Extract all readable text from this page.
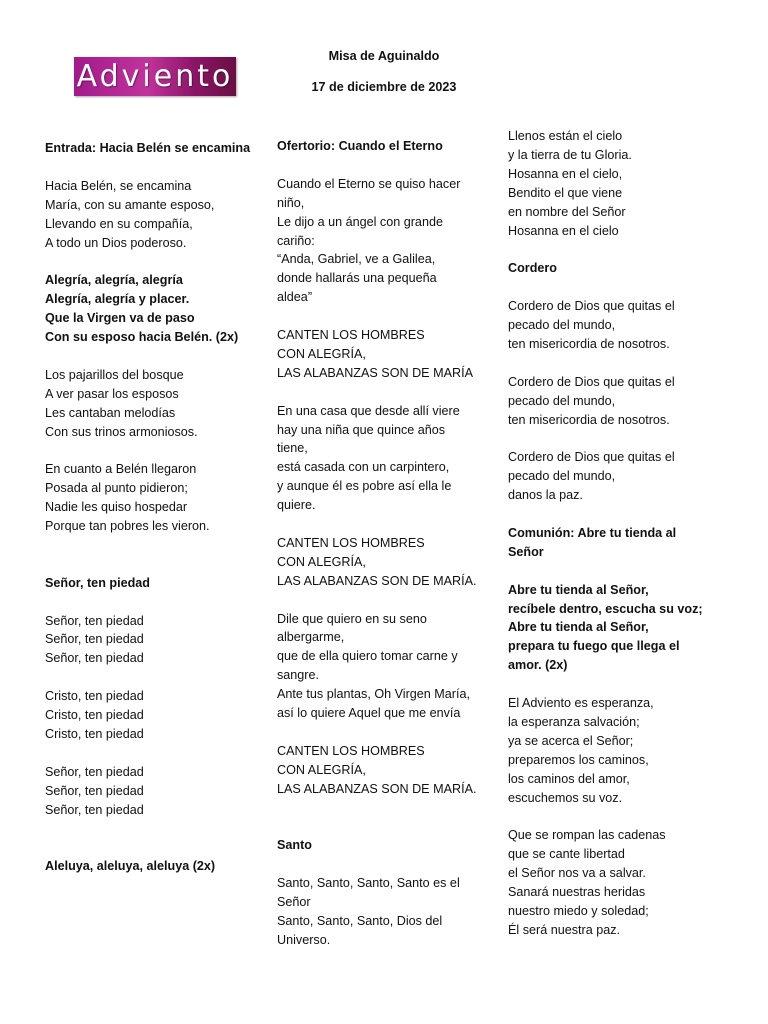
Adviento
Misa de Aguinaldo
17 de diciembre de 2023

Entrada: Hacia Belén se encamina

Hacia Belén, se encamina

María, con su amante esposo,

Llevando en su compañía,

A todo un Dios poderoso.

Alegría, alegría, alegría

Alegría, alegría y placer.

Que la Virgen va de paso

Con su esposo hacia Belén. (2x)

Los pajarillos del bosque

A ver pasar los esposos

Les cantaban melodías

Con sus trinos armoniosos.

En cuanto a Belén llegaron

Posada al punto pidieron;

Nadie les quiso hospedar

Porque tan pobres les vieron.

Señor, ten piedad

Señor, ten piedad

Señor, ten piedad

Señor, ten piedad

Cristo, ten piedad

Cristo, ten piedad

Cristo, ten piedad

Señor, ten piedad

Señor, ten piedad

Señor, ten piedad

Aleluya, aleluya, aleluya (2x)

Ofertorio: Cuando el Eterno

Cuando el Eterno se quiso hacer

niño,

Le dijo a un ángel con grande

cariño:

“Anda, Gabriel, ve a Galilea,

donde hallarás una pequeña

aldea”

CANTEN LOS HOMBRES

CON ALEGRÍA,

LAS ALABANZAS SON DE MARÍA

En una casa que desde allí viere

hay una niña que quince años

tiene,

está casada con un carpintero,

y aunque él es pobre así ella le

quiere.

CANTEN LOS HOMBRES

CON ALEGRÍA,

LAS ALABANZAS SON DE MARÍA.

Dile que quiero en su seno

albergarme,

que de ella quiero tomar carne y

sangre.

Ante tus plantas, Oh Virgen María,

así lo quiere Aquel que me envía

CANTEN LOS HOMBRES

CON ALEGRÍA,

LAS ALABANZAS SON DE MARÍA.

Santo

Santo, Santo, Santo, Santo es el

Señor

Santo, Santo, Santo, Dios del

Universo.

Llenos están el cielo

y la tierra de tu Gloria.

Hosanna en el cielo,

Bendito el que viene

en nombre del Señor

Hosanna en el cielo

Cordero

Cordero de Dios que quitas el

pecado del mundo,

ten misericordia de nosotros.

Cordero de Dios que quitas el

pecado del mundo,

ten misericordia de nosotros.

Cordero de Dios que quitas el

pecado del mundo,

danos la paz.

Comunión: Abre tu tienda al

Señor

Abre tu tienda al Señor,

recíbele dentro, escucha su voz;

Abre tu tienda al Señor,

prepara tu fuego que llega el

amor. (2x)

El Adviento es esperanza,

la esperanza salvación;

ya se acerca el Señor;

preparemos los caminos,

los caminos del amor,

escuchemos su voz.

Que se rompan las cadenas

que se cante libertad

el Señor nos va a salvar.

Sanará nuestras heridas

nuestro miedo y soledad;

Él será nuestra paz.
